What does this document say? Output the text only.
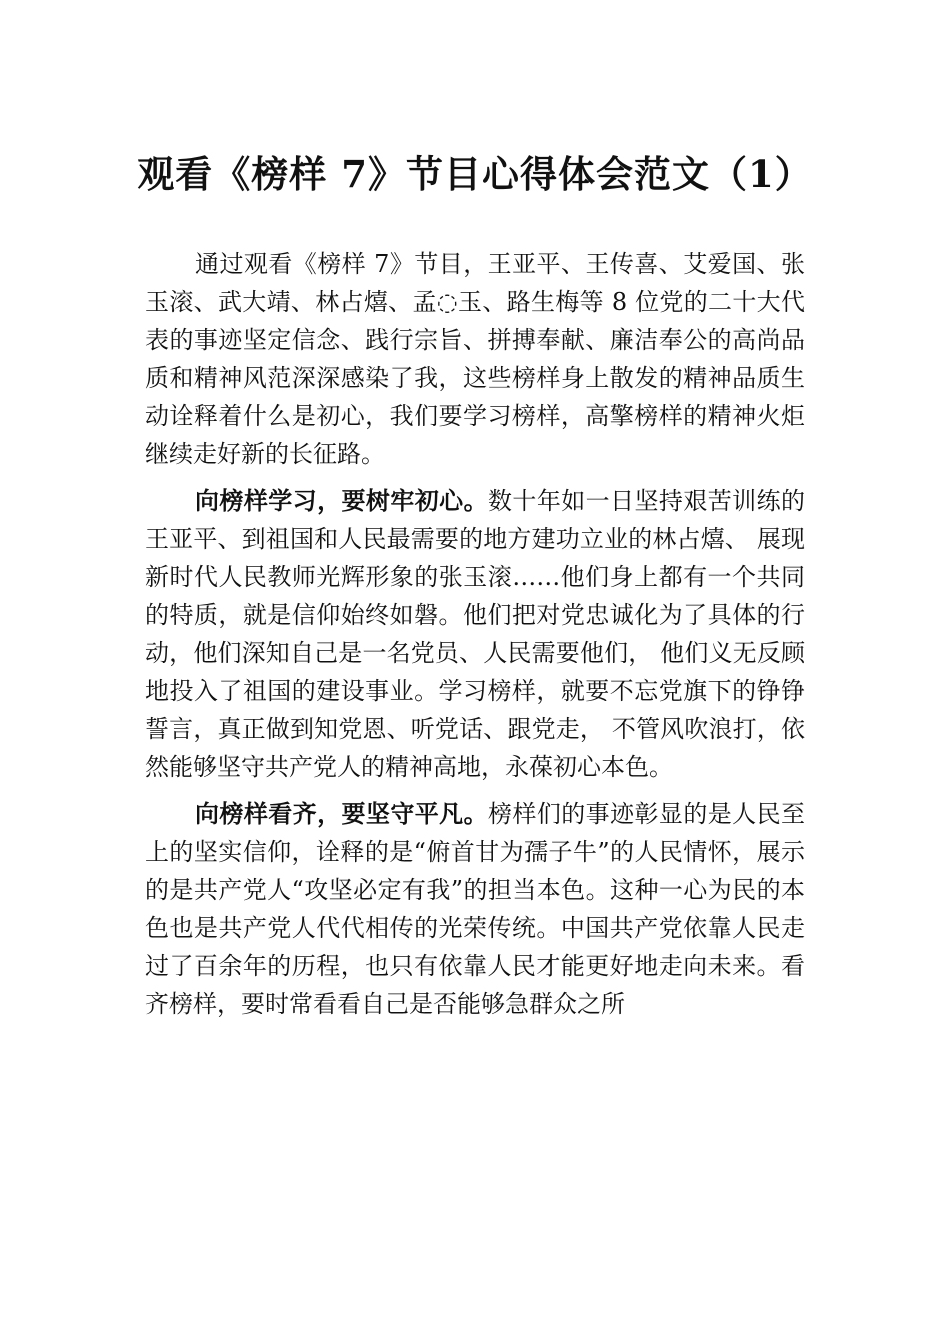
观看《榜样 7》节目心得体会范文（1）

通过观看《榜样 7》节目，王亚平、王传喜、艾爱国、张玉滚、武大靖、林占熺、孟◌玉、路生梅等 8 位党的二十大代表的事迹坚定信念、践行宗旨、拼搏奉献、廉洁奉公的高尚品质和精神风范深深感染了我，这些榜样身上散发的精神品质生动诠释着什么是初心，我们要学习榜样，高擎榜样的精神火炬继续走好新的长征路。

向榜样学习，要树牢初心。数十年如一日坚持艰苦训练的王亚平、到祖国和人民最需要的地方建功立业的林占熺、 展现新时代人民教师光辉形象的张玉滚……他们身上都有一个共同的特质，就是信仰始终如磐。他们把对党忠诚化为了具体的行动，他们深知自己是一名党员、人民需要他们， 他们义无反顾地投入了祖国的建设事业。学习榜样，就要不忘党旗下的铮铮誓言，真正做到知党恩、听党话、跟党走， 不管风吹浪打，依然能够坚守共产党人的精神高地，永葆初心本色。

向榜样看齐，要坚守平凡。榜样们的事迹彰显的是人民至上的坚实信仰，诠释的是“俯首甘为孺子牛”的人民情怀，展示的是共产党人“攻坚必定有我”的担当本色。这种一心为民的本色也是共产党人代代相传的光荣传统。中国共产党依靠人民走过了百余年的历程，也只有依靠人民才能更好地走向未来。看齐榜样，要时常看看自己是否能够急群众之所
